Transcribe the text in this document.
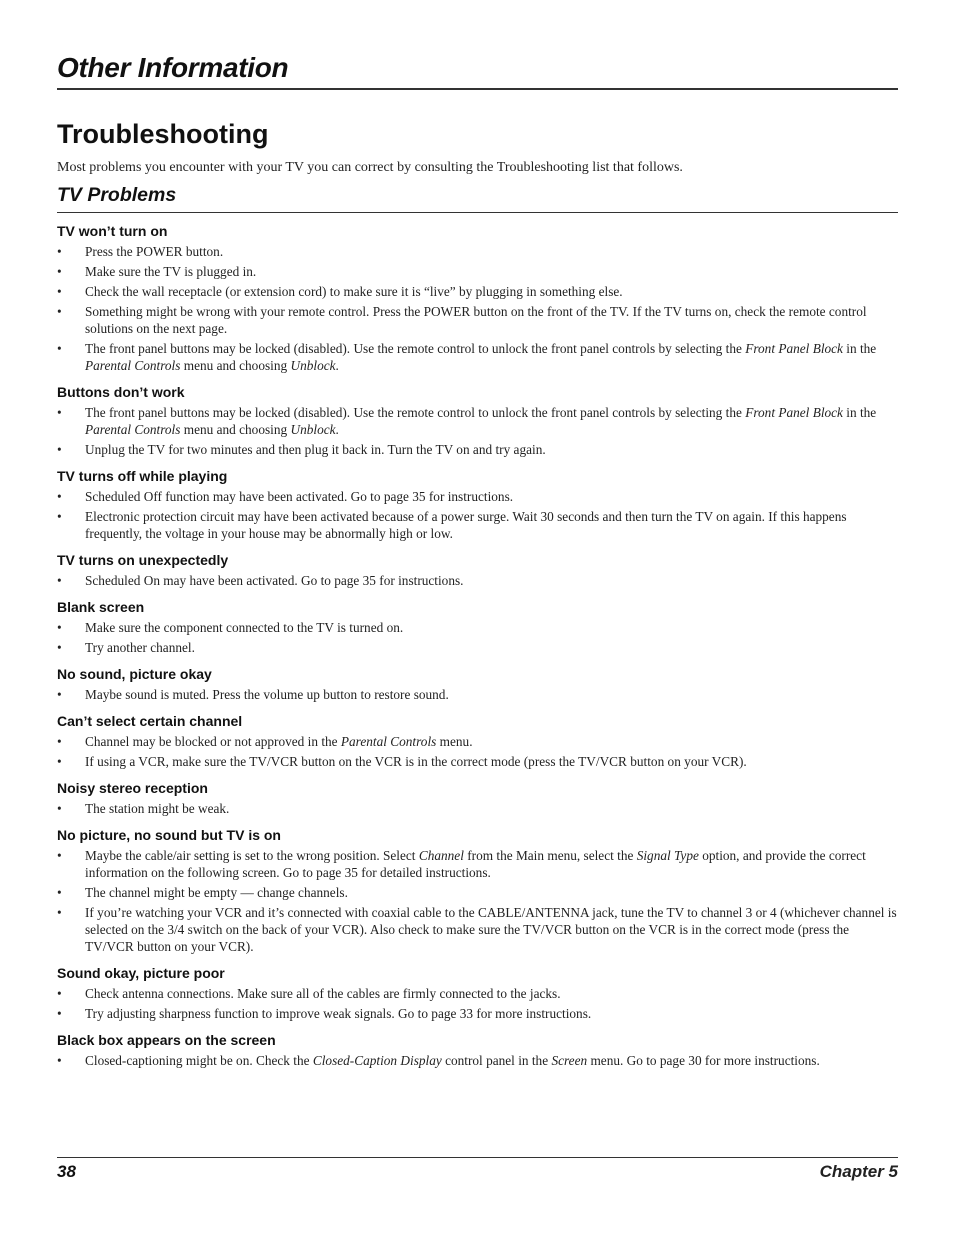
Other Information
Troubleshooting
Most problems you encounter with your TV you can correct by consulting the Troubleshooting list that follows.
TV Problems
TV won’t turn on
• Press the POWER button.
• Make sure the TV is plugged in.
• Check the wall receptacle (or extension cord) to make sure it is “live” by plugging in something else.
• Something might be wrong with your remote control. Press the POWER button on the front of the TV. If the TV turns on, check the remote control solutions on the next page.
• The front panel buttons may be locked (disabled). Use the remote control to unlock the front panel controls by selecting the Front Panel Block in the Parental Controls menu and choosing Unblock.
Buttons don’t work
• The front panel buttons may be locked (disabled). Use the remote control to unlock the front panel controls by selecting the Front Panel Block in the Parental Controls menu and choosing Unblock.
• Unplug the TV for two minutes and then plug it back in. Turn the TV on and try again.
TV turns off while playing
• Scheduled Off function may have been activated. Go to page 35 for instructions.
• Electronic protection circuit may have been activated because of a power surge. Wait 30 seconds and then turn the TV on again. If this happens frequently, the voltage in your house may be abnormally high or low.
TV turns on unexpectedly
• Scheduled On may have been activated. Go to page 35 for instructions.
Blank screen
• Make sure the component connected to the TV is turned on.
• Try another channel.
No sound, picture okay
• Maybe sound is muted. Press the volume up button to restore sound.
Can’t select certain channel
• Channel may be blocked or not approved in the Parental Controls menu.
• If using a VCR, make sure the TV/VCR button on the VCR is in the correct mode (press the TV/VCR button on your VCR).
Noisy stereo reception
• The station might be weak.
No picture, no sound but TV is on
• Maybe the cable/air setting is set to the wrong position. Select Channel from the Main menu, select the Signal Type option, and provide the correct information on the following screen. Go to page 35 for detailed instructions.
• The channel might be empty — change channels.
• If you’re watching your VCR and it’s connected with coaxial cable to the CABLE/ANTENNA jack, tune the TV to channel 3 or 4 (whichever channel is selected on the 3/4 switch on the back of your VCR). Also check to make sure the TV/VCR button on the VCR is in the correct mode (press the TV/VCR button on your VCR).
Sound okay, picture poor
• Check antenna connections. Make sure all of the cables are firmly connected to the jacks.
• Try adjusting sharpness function to improve weak signals. Go to page 33 for more instructions.
Black box appears on the screen
• Closed-captioning might be on. Check the Closed-Caption Display control panel in the Screen menu. Go to page 30 for more instructions.
38	Chapter 5
